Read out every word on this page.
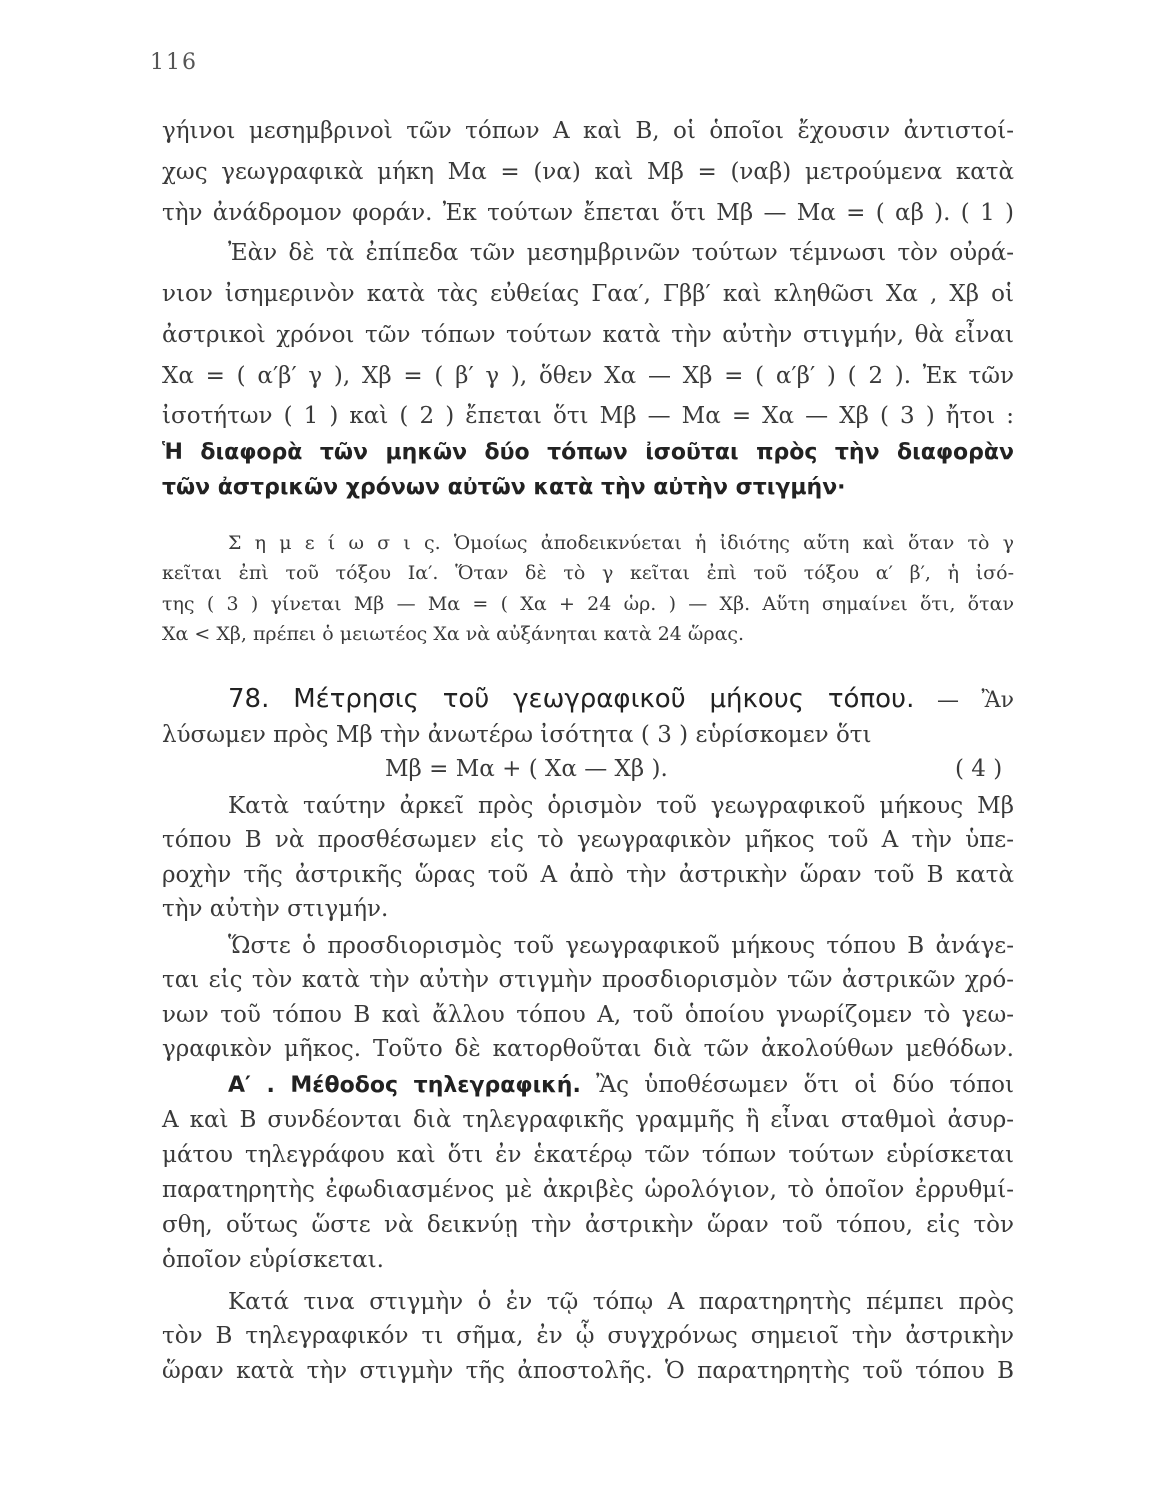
116
γήινοι μεσημβρινοὶ τῶν τόπων Α καὶ Β, οἱ ὁποῖοι ἔχουσιν ἀντιστοί-
χως γεωγραφικὰ μήκη Μα = (να) καὶ Μβ = (ναβ) μετρούμενα κατὰ
τὴν ἀνάδρομον φοράν. Ἐκ τούτων ἔπεται ὅτι Μβ — Μα = ( αβ ). ( 1 )
Ἐὰν δὲ τὰ ἐπίπεδα τῶν μεσημβρινῶν τούτων τέμνωσι τὸν οὐρά-
νιον ἰσημερινὸν κατὰ τὰς εὐθείας Γαα′, Γββ′ καὶ κληθῶσι Χα , Χβ οἱ
ἀστρικοὶ χρόνοι τῶν τόπων τούτων κατὰ τὴν αὐτὴν στιγμήν, θὰ εἶναι
Χα = ( α′β′ γ ), Χβ = ( β′ γ ), ὅθεν Χα — Χβ = ( α′β′ ) ( 2 ). Ἐκ τῶν
ἰσοτήτων ( 1 ) καὶ ( 2 ) ἔπεται ὅτι Μβ — Μα = Χα — Χβ ( 3 ) ἤτοι :
Ἡ διαφορὰ τῶν μηκῶν δύο τόπων ἰσοῦται πρὸς τὴν διαφορὰν
τῶν ἀστρικῶν χρόνων αὐτῶν κατὰ τὴν αὐτὴν στιγμήν·
Σ η μ ε ί ω σ ι ς. Ὁμοίως ἀποδεικνύεται ἡ ἰδιότης αὕτη καὶ ὅταν τὸ γ
κεῖται ἐπὶ τοῦ τόξου Ια′. Ὅταν δὲ τὸ γ κεῖται ἐπὶ τοῦ τόξου α′ β′, ἡ ἰσό-
της ( 3 ) γίνεται Μβ — Μα = ( Χα + 24 ὡρ. ) — Χβ. Αὕτη σημαίνει ὅτι, ὅταν
Χα < Χβ, πρέπει ὁ μειωτέος Χα νὰ αὐξάνηται κατὰ 24 ὥρας.
78. Μέτρησις τοῦ γεωγραφικοῦ μήκους τόπου. — Ἂν
λύσωμεν πρὸς Μβ τὴν ἀνωτέρω ἰσότητα ( 3 ) εὑρίσκομεν ὅτι
Μβ = Μα + ( Χα — Χβ ).	( 4 )
Κατὰ ταύτην ἀρκεῖ πρὸς ὁρισμὸν τοῦ γεωγραφικοῦ μήκους Μβ
τόπου Β νὰ προσθέσωμεν εἰς τὸ γεωγραφικὸν μῆκος τοῦ Α τὴν ὑπε-
ροχὴν τῆς ἀστρικῆς ὥρας τοῦ Α ἀπὸ τὴν ἀστρικὴν ὥραν τοῦ Β κατὰ
τὴν αὐτὴν στιγμήν.
Ὥστε ὁ προσδιορισμὸς τοῦ γεωγραφικοῦ μήκους τόπου Β ἀνάγε-
ται εἰς τὸν κατὰ τὴν αὐτὴν στιγμὴν προσδιορισμὸν τῶν ἀστρικῶν χρό-
νων τοῦ τόπου Β καὶ ἄλλου τόπου Α, τοῦ ὁποίου γνωρίζομεν τὸ γεω-
γραφικὸν μῆκος. Τοῦτο δὲ κατορθοῦται διὰ τῶν ἀκολούθων μεθόδων.
Α′ . Μέθοδος τηλεγραφική. Ἂς ὑποθέσωμεν ὅτι οἱ δύο τόποι
Α καὶ Β συνδέονται διὰ τηλεγραφικῆς γραμμῆς ἢ εἶναι σταθμοὶ ἀσυρ-
μάτου τηλεγράφου καὶ ὅτι ἐν ἑκατέρῳ τῶν τόπων τούτων εὑρίσκεται
παρατηρητὴς ἐφωδιασμένος μὲ ἀκριβὲς ὡρολόγιον, τὸ ὁποῖον ἐρρυθμί-
σθη, οὕτως ὥστε νὰ δεικνύῃ τὴν ἀστρικὴν ὥραν τοῦ τόπου, εἰς τὸν
ὁποῖον εὑρίσκεται.
Κατά τινα στιγμὴν ὁ ἐν τῷ τόπῳ Α παρατηρητὴς πέμπει πρὸς
τὸν Β τηλεγραφικόν τι σῆμα, ἐν ᾧ συγχρόνως σημειοῖ τὴν ἀστρικὴν
ὥραν κατὰ τὴν στιγμὴν τῆς ἀποστολῆς. Ὁ παρατηρητὴς τοῦ τόπου Β
